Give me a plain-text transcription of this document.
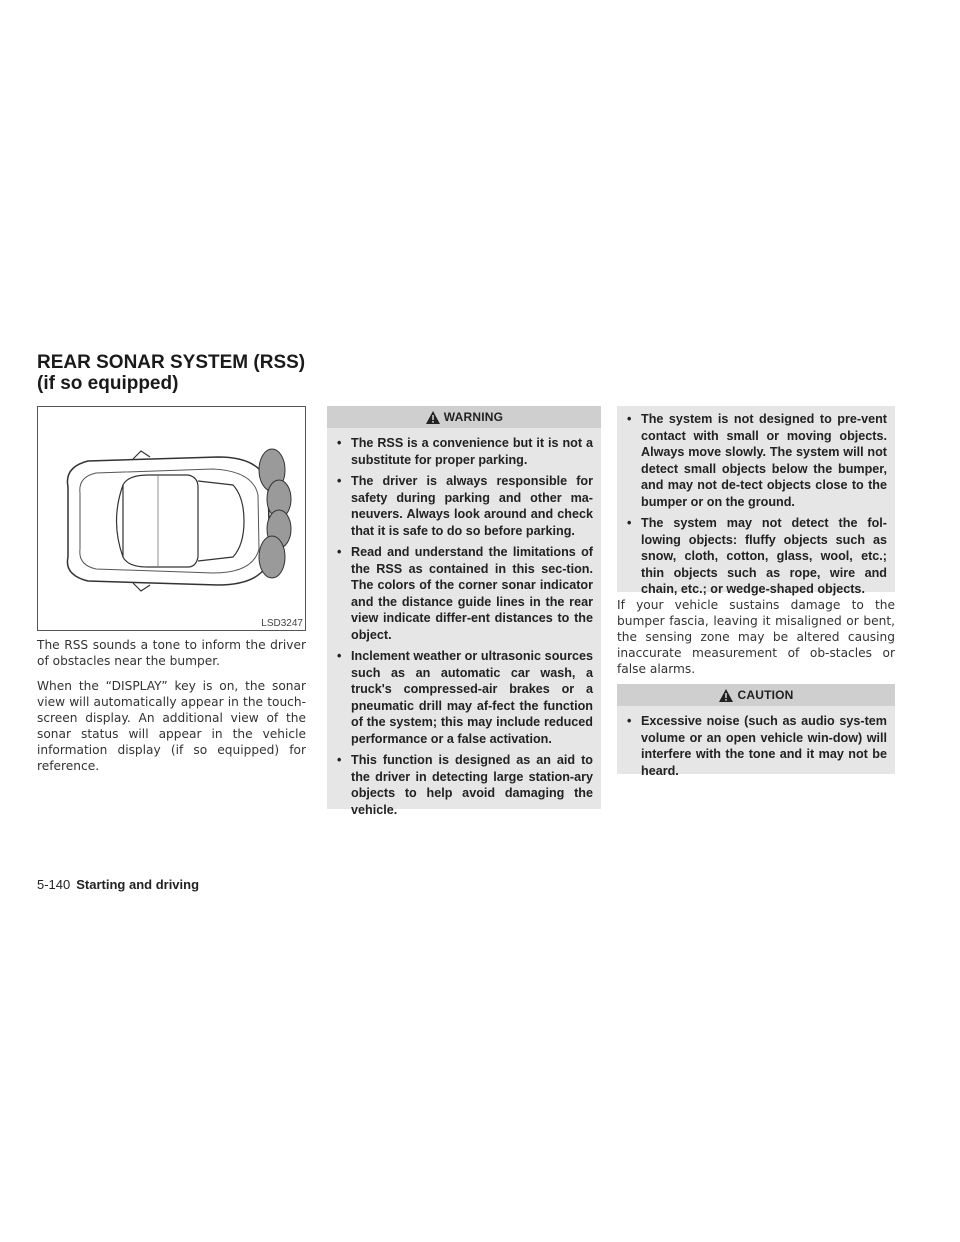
REAR SONAR SYSTEM (RSS) (if so equipped)
LSD3247

The RSS sounds a tone to inform the driver of obstacles near the bumper.

When the “DISPLAY” key is on, the sonar view will automatically appear in the touch-screen display. An additional view of the sonar status will appear in the vehicle information display (if so equipped) for reference.

WARNING
• The RSS is a convenience but it is not a substitute for proper parking.
• The driver is always responsible for safety during parking and other ma-neuvers. Always look around and check that it is safe to do so before parking.
• Read and understand the limitations of the RSS as contained in this sec-tion. The colors of the corner sonar indicator and the distance guide lines in the rear view indicate differ-ent distances to the object.
• Inclement weather or ultrasonic sources such as an automatic car wash, a truck's compressed-air brakes or a pneumatic drill may af-fect the function of the system; this may include reduced performance or a false activation.
• This function is designed as an aid to the driver in detecting large station-ary objects to help avoid damaging the vehicle.
• The system is not designed to pre-vent contact with small or moving objects. Always move slowly. The system will not detect small objects below the bumper, and may not de-tect objects close to the bumper or on the ground.
• The system may not detect the fol-lowing objects: fluffy objects such as snow, cloth, cotton, glass, wool, etc.; thin objects such as rope, wire and chain, etc.; or wedge-shaped objects.

If your vehicle sustains damage to the bumper fascia, leaving it misaligned or bent, the sensing zone may be altered causing inaccurate measurement of ob-stacles or false alarms.

CAUTION
• Excessive noise (such as audio sys-tem volume or an open vehicle win-dow) will interfere with the tone and it may not be heard.
5-140 Starting and driving
